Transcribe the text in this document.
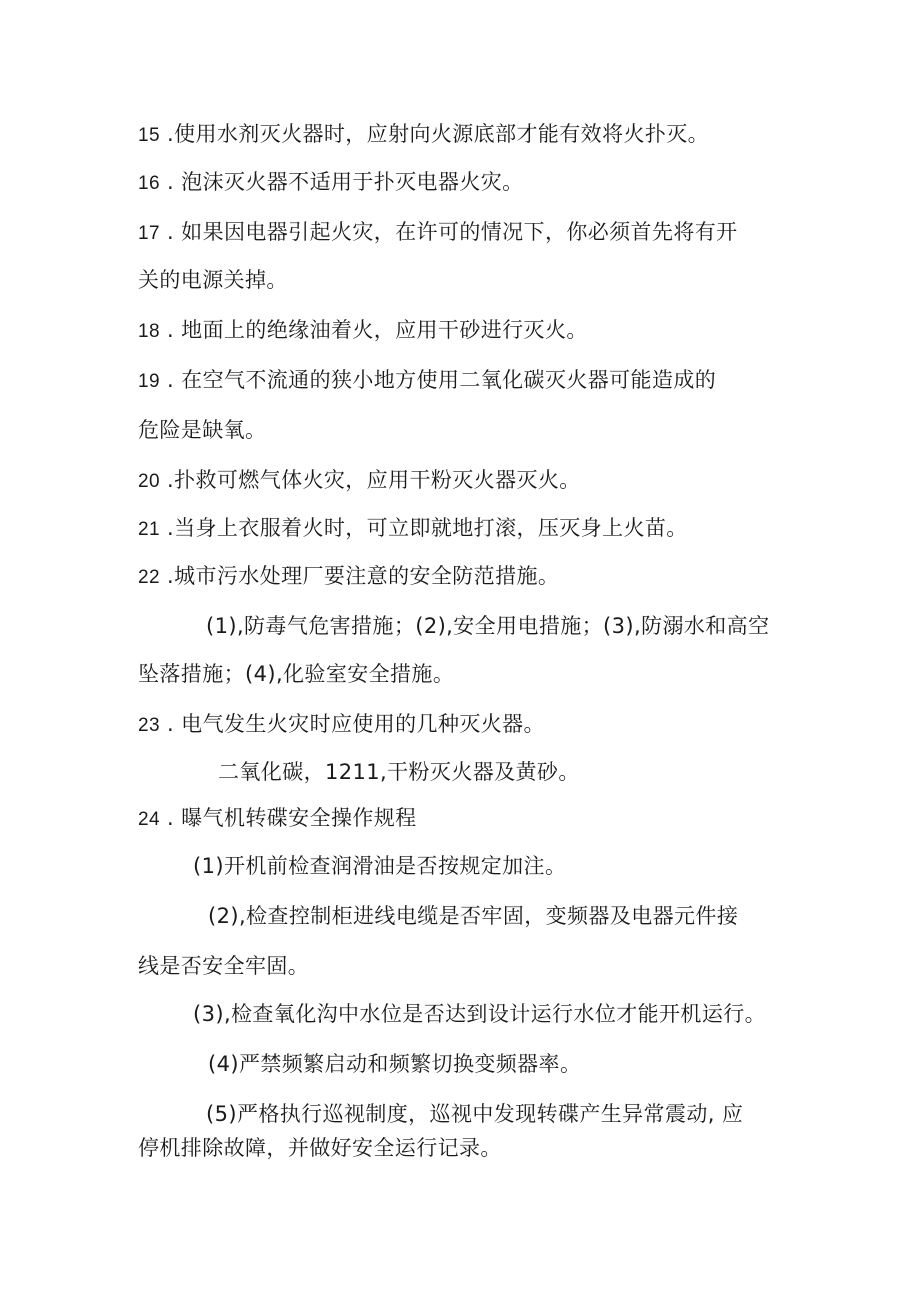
15 .使用水剂灭火器时，应射向火源底部才能有效将火扑灭。
16 . 泡沫灭火器不适用于扑灭电器火灾。
17 . 如果因电器引起火灾，在许可的情况下，你必须首先将有开
关的电源关掉。
18 . 地面上的绝缘油着火，应用干砂进行灭火。
19 . 在空气不流通的狭小地方使用二氧化碳灭火器可能造成的
危险是缺氧。
20 .扑救可燃气体火灾，应用干粉灭火器灭火。
21 .当身上衣服着火时，可立即就地打滚，压灭身上火苗。
22 .城市污水处理厂要注意的安全防范措施。
(1),防毒气危害措施；(2),安全用电措施；(3),防溺水和高空
坠落措施；(4),化验室安全措施。
23 . 电气发生火灾时应使用的几种灭火器。
二氧化碳，1211,干粉灭火器及黄砂。
24 . 曝气机转碟安全操作规程
(1)开机前检查润滑油是否按规定加注。
(2),检查控制柜进线电缆是否牢固，变频器及电器元件接
线是否安全牢固。
(3),检查氧化沟中水位是否达到设计运行水位才能开机运行。
(4)严禁频繁启动和频繁切换变频器率。
(5)严格执行巡视制度，巡视中发现转碟产生异常震动, 应
停机排除故障，并做好安全运行记录。
